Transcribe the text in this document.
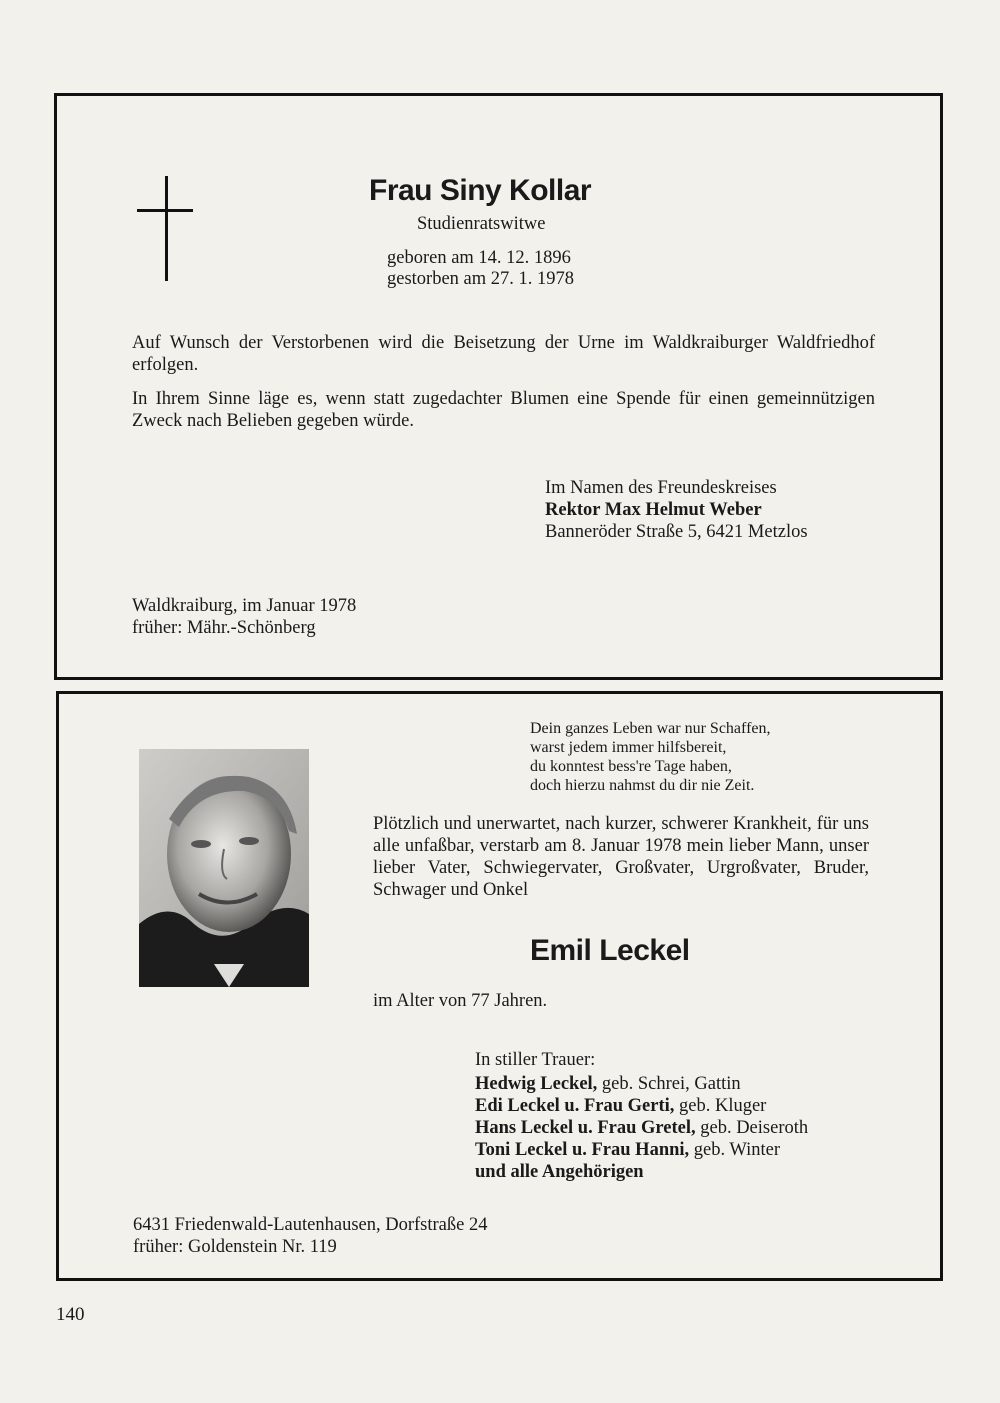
Frau Siny Kollar
Studienratswitwe
geboren am 14. 12. 1896
gestorben am 27. 1. 1978
Auf Wunsch der Verstorbenen wird die Beisetzung der Urne im Waldkraiburger Waldfriedhof erfolgen.
In Ihrem Sinne läge es, wenn statt zugedachter Blumen eine Spende für einen gemeinnützigen Zweck nach Belieben gegeben würde.
Im Namen des Freundeskreises
Rektor Max Helmut Weber
Banneröder Straße 5, 6421 Metzlos
Waldkraiburg, im Januar 1978
früher: Mähr.-Schönberg
Dein ganzes Leben war nur Schaffen,
warst jedem immer hilfsbereit,
du konntest bess're Tage haben,
doch hierzu nahmst du dir nie Zeit.
Plötzlich und unerwartet, nach kurzer, schwerer Krankheit, für uns alle unfaßbar, verstarb am 8. Januar 1978 mein lieber Mann, unser lieber Vater, Schwiegervater, Großvater, Urgroßvater, Bruder, Schwager und Onkel
Emil Leckel
im Alter von 77 Jahren.
In stiller Trauer:
Hedwig Leckel, geb. Schrei, Gattin
Edi Leckel u. Frau Gerti, geb. Kluger
Hans Leckel u. Frau Gretel, geb. Deiseroth
Toni Leckel u. Frau Hanni, geb. Winter
und alle Angehörigen
6431 Friedenwald-Lautenhausen, Dorfstraße 24
früher: Goldenstein Nr. 119
140
